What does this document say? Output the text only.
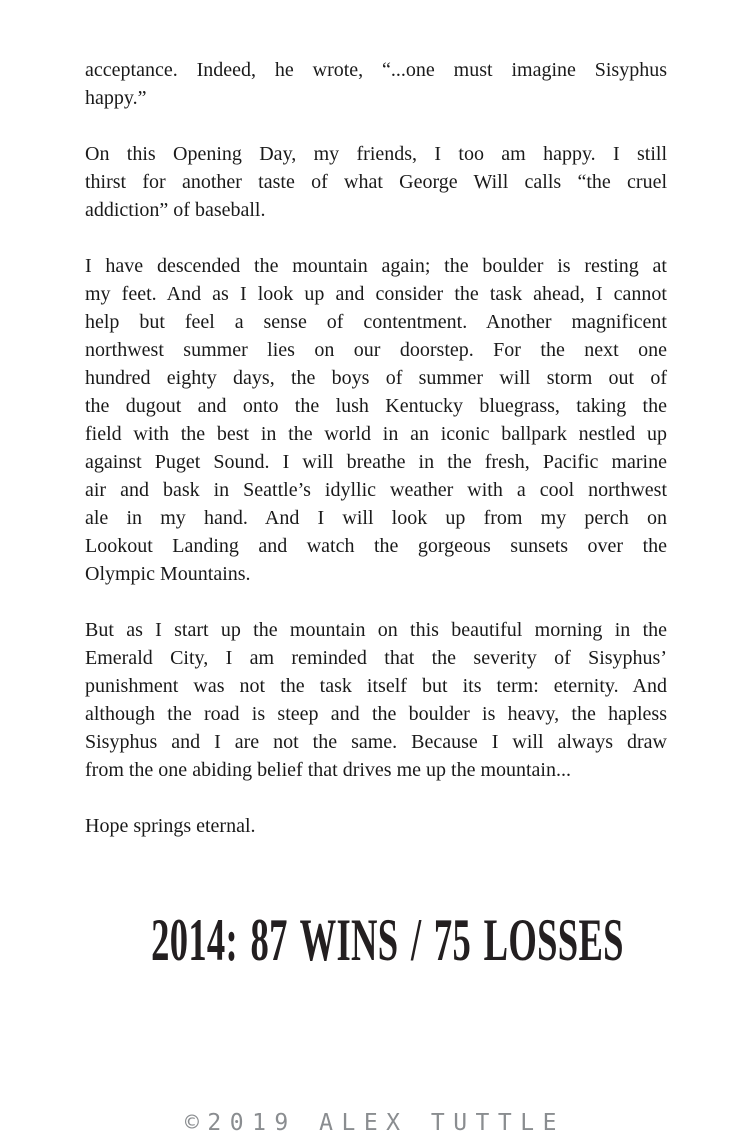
acceptance. Indeed, he wrote, “...one must imagine Sisyphus
happy.”
On this Opening Day, my friends, I too am happy. I still
thirst for another taste of what George Will calls “the cruel
addiction” of baseball.
I have descended the mountain again; the boulder is resting at
my feet. And as I look up and consider the task ahead, I cannot
help but feel a sense of contentment. Another magnificent
northwest summer lies on our doorstep. For the next one
hundred eighty days, the boys of summer will storm out of
the dugout and onto the lush Kentucky bluegrass, taking the
field with the best in the world in an iconic ballpark nestled up
against Puget Sound. I will breathe in the fresh, Pacific marine
air and bask in Seattle’s idyllic weather with a cool northwest
ale in my hand. And I will look up from my perch on
Lookout Landing and watch the gorgeous sunsets over the
Olympic Mountains.
But as I start up the mountain on this beautiful morning in the
Emerald City, I am reminded that the severity of Sisyphus’
punishment was not the task itself but its term: eternity. And
although the road is steep and the boulder is heavy, the hapless
Sisyphus and I are not the same. Because I will always draw
from the one abiding belief that drives me up the mountain...
Hope springs eternal.
2014: 87 WINS / 75 LOSSES
©2019 ALEX TUTTLE
